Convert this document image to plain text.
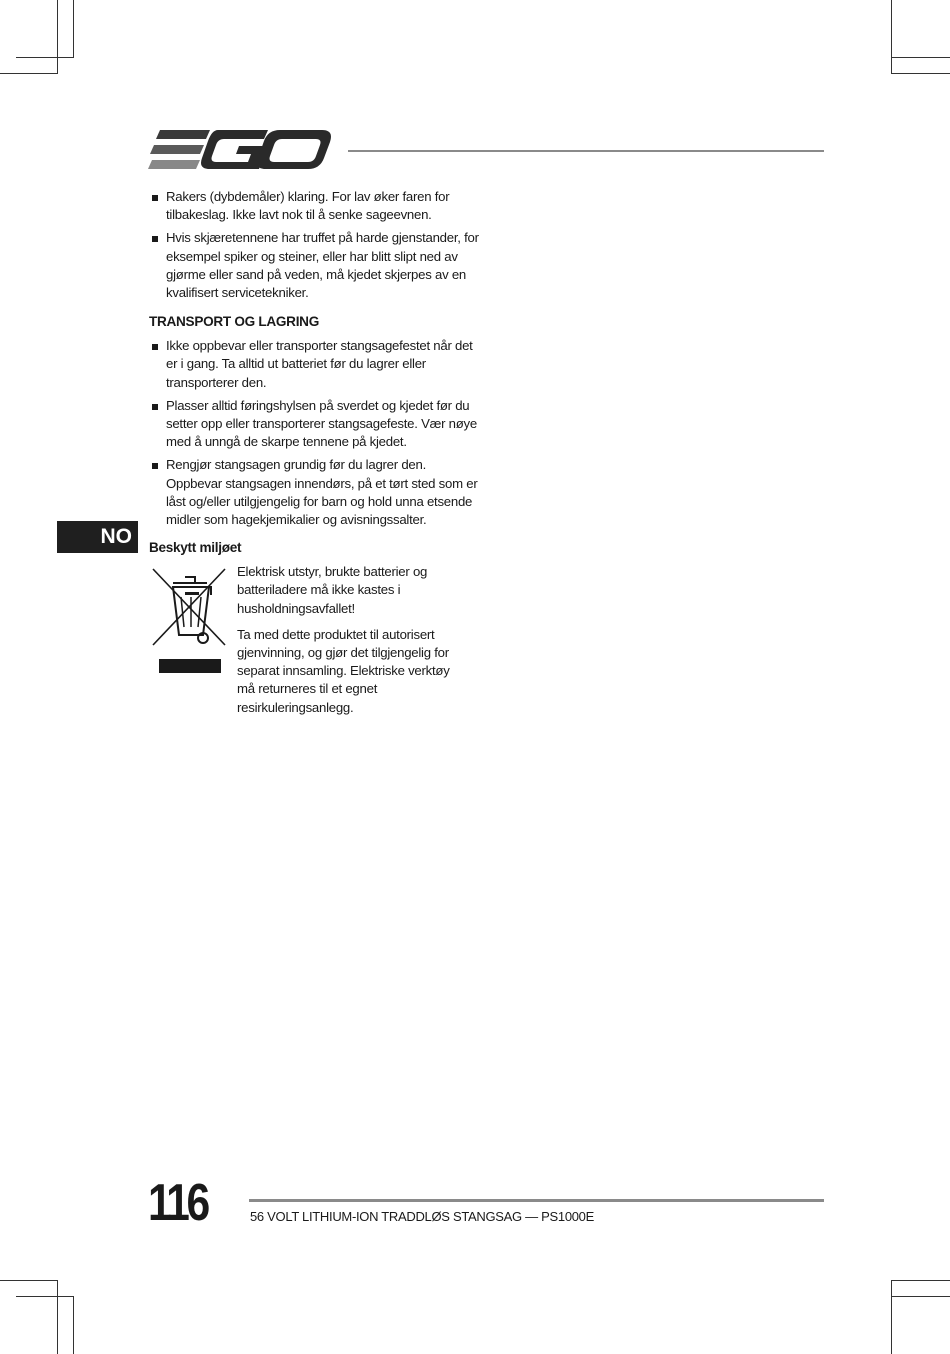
Rakers (dybdemåler) klaring. For lav øker faren for tilbakeslag. Ikke lavt nok til å senke sageevnen.
Hvis skjæretennene har truffet på harde gjenstander, for eksempel spiker og steiner, eller har blitt slipt ned av gjørme eller sand på veden, må kjedet skjerpes av en kvalifisert servicetekniker.
TRANSPORT OG LAGRING
Ikke oppbevar eller transporter stangsagefestet når det er i gang. Ta alltid ut batteriet før du lagrer eller transporterer den.
Plasser alltid føringshylsen på sverdet og kjedet før du setter opp eller transporterer stangsagefeste. Vær nøye med å unngå de skarpe tennene på kjedet.
Rengjør stangsagen grundig før du lagrer den. Oppbevar stangsagen innendørs, på et tørt sted som er låst og/eller utilgjengelig for barn og hold unna etsende midler som hagekjemikalier og avisningssalter.
Beskytt miljøet

Elektrisk utstyr, brukte batterier og batteriladere må ikke kastes i husholdningsavfallet!

Ta med dette produktet til autorisert gjenvinning, og gjør det tilgjengelig for separat innsamling. Elektriske verktøy må returneres til et egnet resirkuleringsanlegg.

NO
116	56 VOLT LITHIUM-ION TRADDLØS STANGSAG — PS1000E
